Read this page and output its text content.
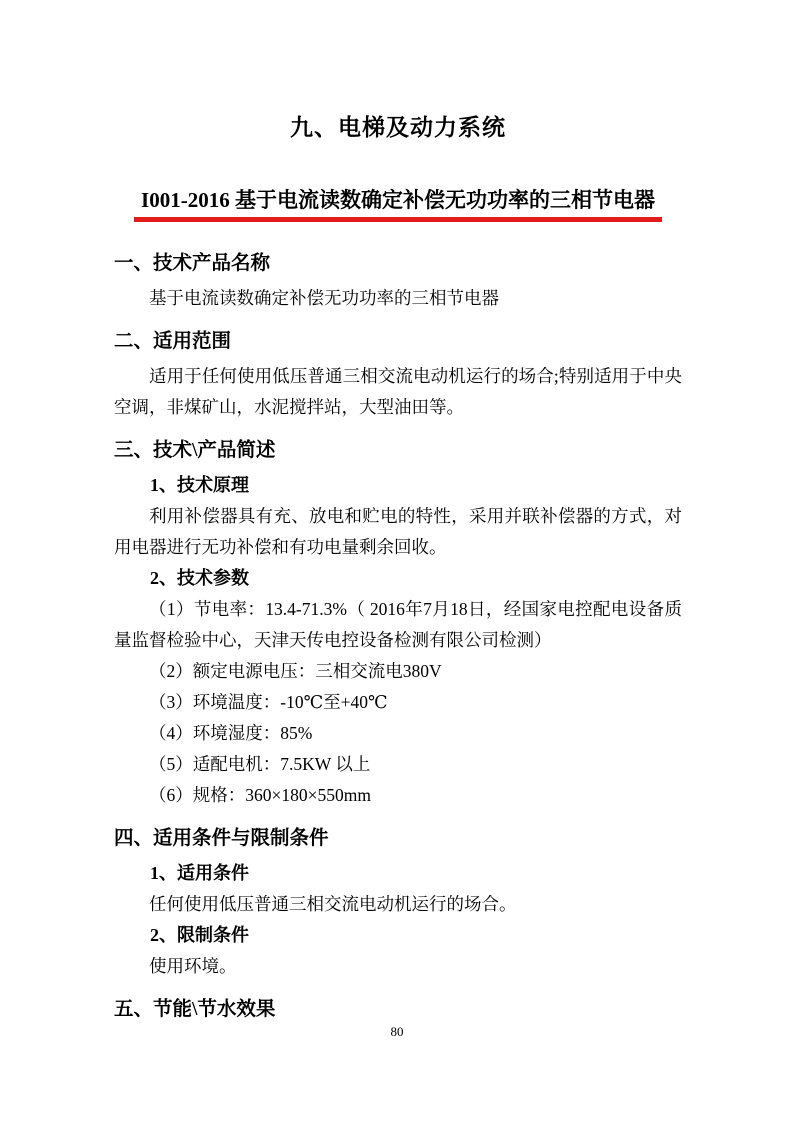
九、电梯及动力系统
I001-2016 基于电流读数确定补偿无功功率的三相节电器
一、技术产品名称

基于电流读数确定补偿无功功率的三相节电器

二、适用范围

适用于任何使用低压普通三相交流电动机运行的场合;特别适用于中央空调，非煤矿山，水泥搅拌站，大型油田等。

三、技术\产品简述
1、技术原理

利用补偿器具有充、放电和贮电的特性，采用并联补偿器的方式，对用电器进行无功补偿和有功电量剩余回收。

2、技术参数

（1）节电率：13.4-71.3%（ 2016年7月18日，经国家电控配电设备质量监督检验中心，天津天传电控设备检测有限公司检测）

（2）额定电源电压：三相交流电380V

（3）环境温度：-10℃至+40℃

（4）环境湿度：85%

（5）适配电机：7.5KW 以上

（6）规格：360×180×550mm

四、适用条件与限制条件
1、适用条件

任何使用低压普通三相交流电动机运行的场合。

2、限制条件

使用环境。

五、节能\节水效果
80
